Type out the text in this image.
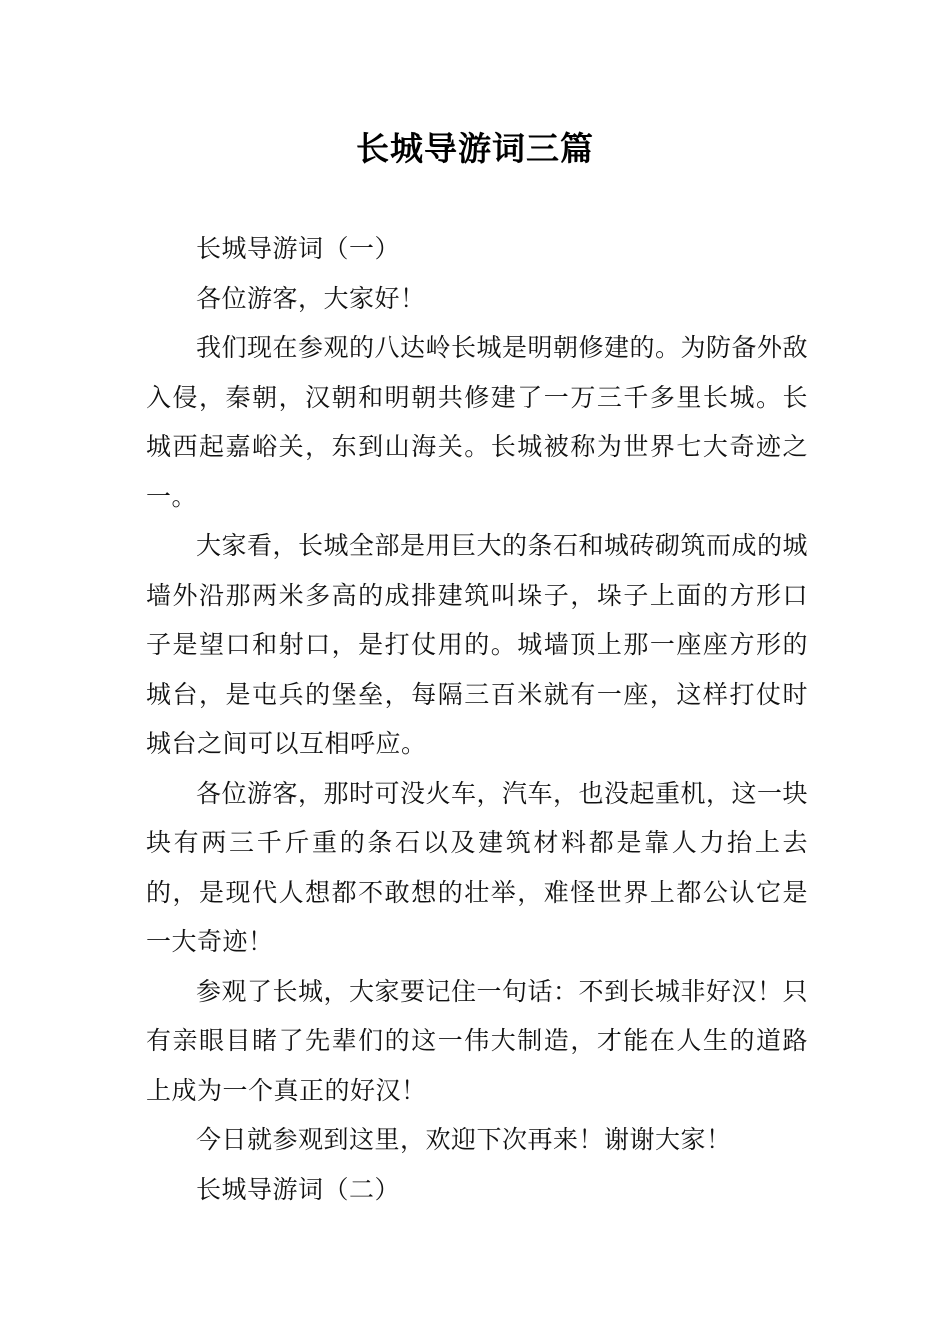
长城导游词三篇

长城导游词（一）

各位游客，大家好！

我们现在参观的八达岭长城是明朝修建的。为防备外敌入侵，秦朝，汉朝和明朝共修建了一万三千多里长城。长城西起嘉峪关，东到山海关。长城被称为世界七大奇迹之一。

大家看，长城全部是用巨大的条石和城砖砌筑而成的城墙外沿那两米多高的成排建筑叫垛子，垛子上面的方形口子是望口和射口，是打仗用的。城墙顶上那一座座方形的城台，是屯兵的堡垒，每隔三百米就有一座，这样打仗时城台之间可以互相呼应。

各位游客，那时可没火车，汽车，也没起重机，这一块块有两三千斤重的条石以及建筑材料都是靠人力抬上去的，是现代人想都不敢想的壮举，难怪世界上都公认它是一大奇迹！

参观了长城，大家要记住一句话：不到长城非好汉！只有亲眼目睹了先辈们的这一伟大制造，才能在人生的道路上成为一个真正的好汉！

今日就参观到这里，欢迎下次再来！谢谢大家！

长城导游词（二）
